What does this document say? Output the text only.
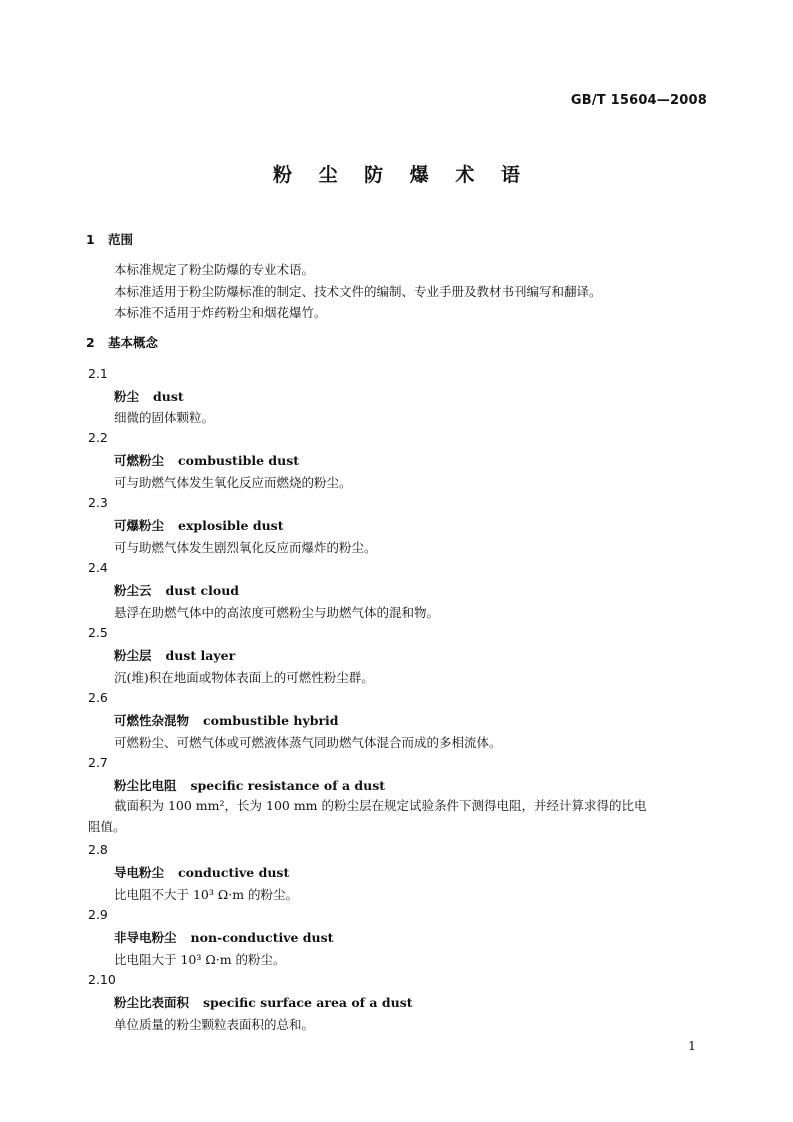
GB/T 15604—2008
粉 尘 防 爆 术 语
1 范围
本标准规定了粉尘防爆的专业术语。
本标准适用于粉尘防爆标准的制定、技术文件的编制、专业手册及教材书刊编写和翻译。
本标准不适用于炸药粉尘和烟花爆竹。
2 基本概念
2.1
粉尘 dust
细微的固体颗粒。
2.2
可燃粉尘 combustible dust
可与助燃气体发生氧化反应而燃烧的粉尘。
2.3
可爆粉尘 explosible dust
可与助燃气体发生剧烈氧化反应而爆炸的粉尘。
2.4
粉尘云 dust cloud
悬浮在助燃气体中的高浓度可燃粉尘与助燃气体的混和物。
2.5
粉尘层 dust layer
沉(堆)积在地面或物体表面上的可燃性粉尘群。
2.6
可燃性杂混物 combustible hybrid
可燃粉尘、可燃气体或可燃液体蒸气同助燃气体混合而成的多相流体。
2.7
粉尘比电阻 specific resistance of a dust
截面积为 100 mm²，长为 100 mm 的粉尘层在规定试验条件下测得电阻，并经计算求得的比电
阻值。
2.8
导电粉尘 conductive dust
比电阻不大于 10³ Ω·m 的粉尘。
2.9
非导电粉尘 non-conductive dust
比电阻大于 10³ Ω·m 的粉尘。
2.10
粉尘比表面积 specific surface area of a dust
单位质量的粉尘颗粒表面积的总和。
1
